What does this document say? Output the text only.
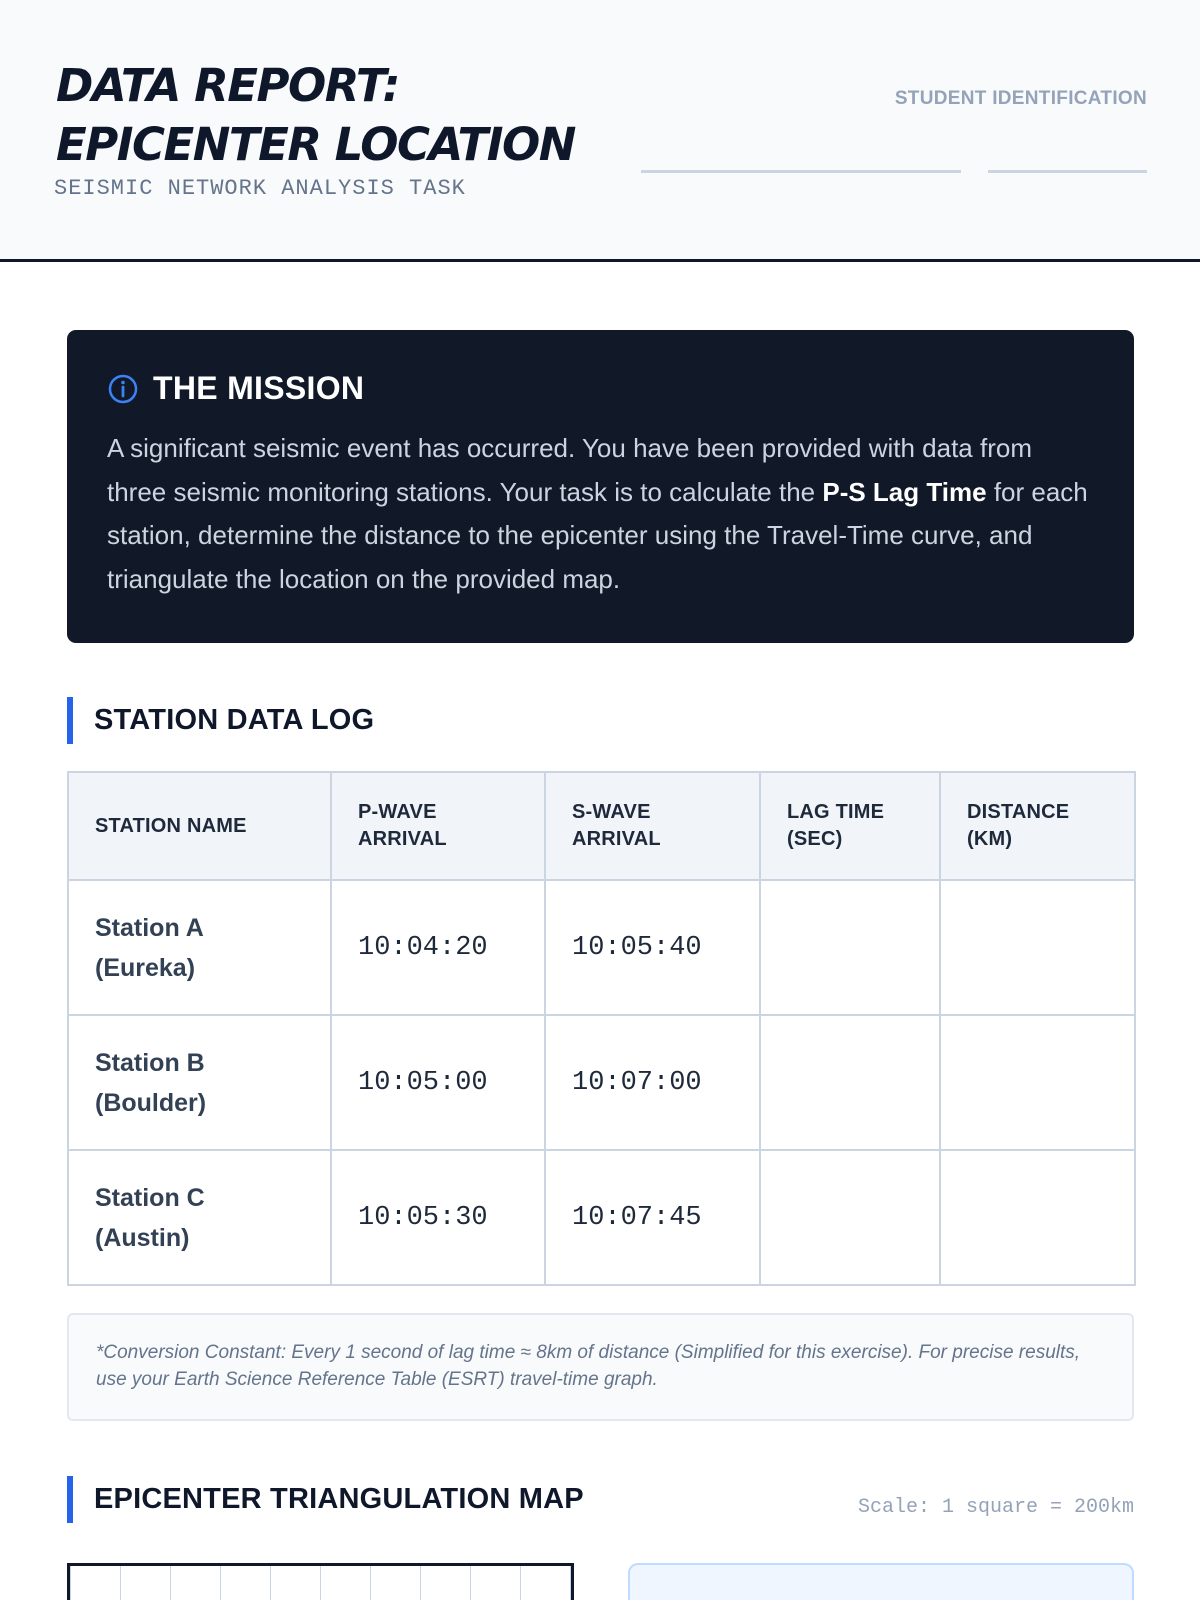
DATA REPORT:
EPICENTER LOCATION
SEISMIC NETWORK ANALYSIS TASK
STUDENT IDENTIFICATION
THE MISSION

A significant seismic event has occurred. You have been provided with data from three seismic monitoring stations. Your task is to calculate the P-S Lag Time for each station, determine the distance to the epicenter using the Travel-Time curve, and triangulate the location on the provided map.

STATION DATA LOG
STATION NAME	P-WAVE ARRIVAL	S-WAVE ARRIVAL	LAG TIME (SEC)	DISTANCE (KM)
Station A (Eureka)	10:04:20	10:05:40		
Station B (Boulder)	10:05:00	10:07:00		
Station C (Austin)	10:05:30	10:07:45		
*Conversion Constant: Every 1 second of lag time ≈ 8km of distance (Simplified for this exercise). For precise results, use your Earth Science Reference Table (ESRT) travel-time graph.
EPICENTER TRIANGULATION MAP	Scale: 1 square = 200km
